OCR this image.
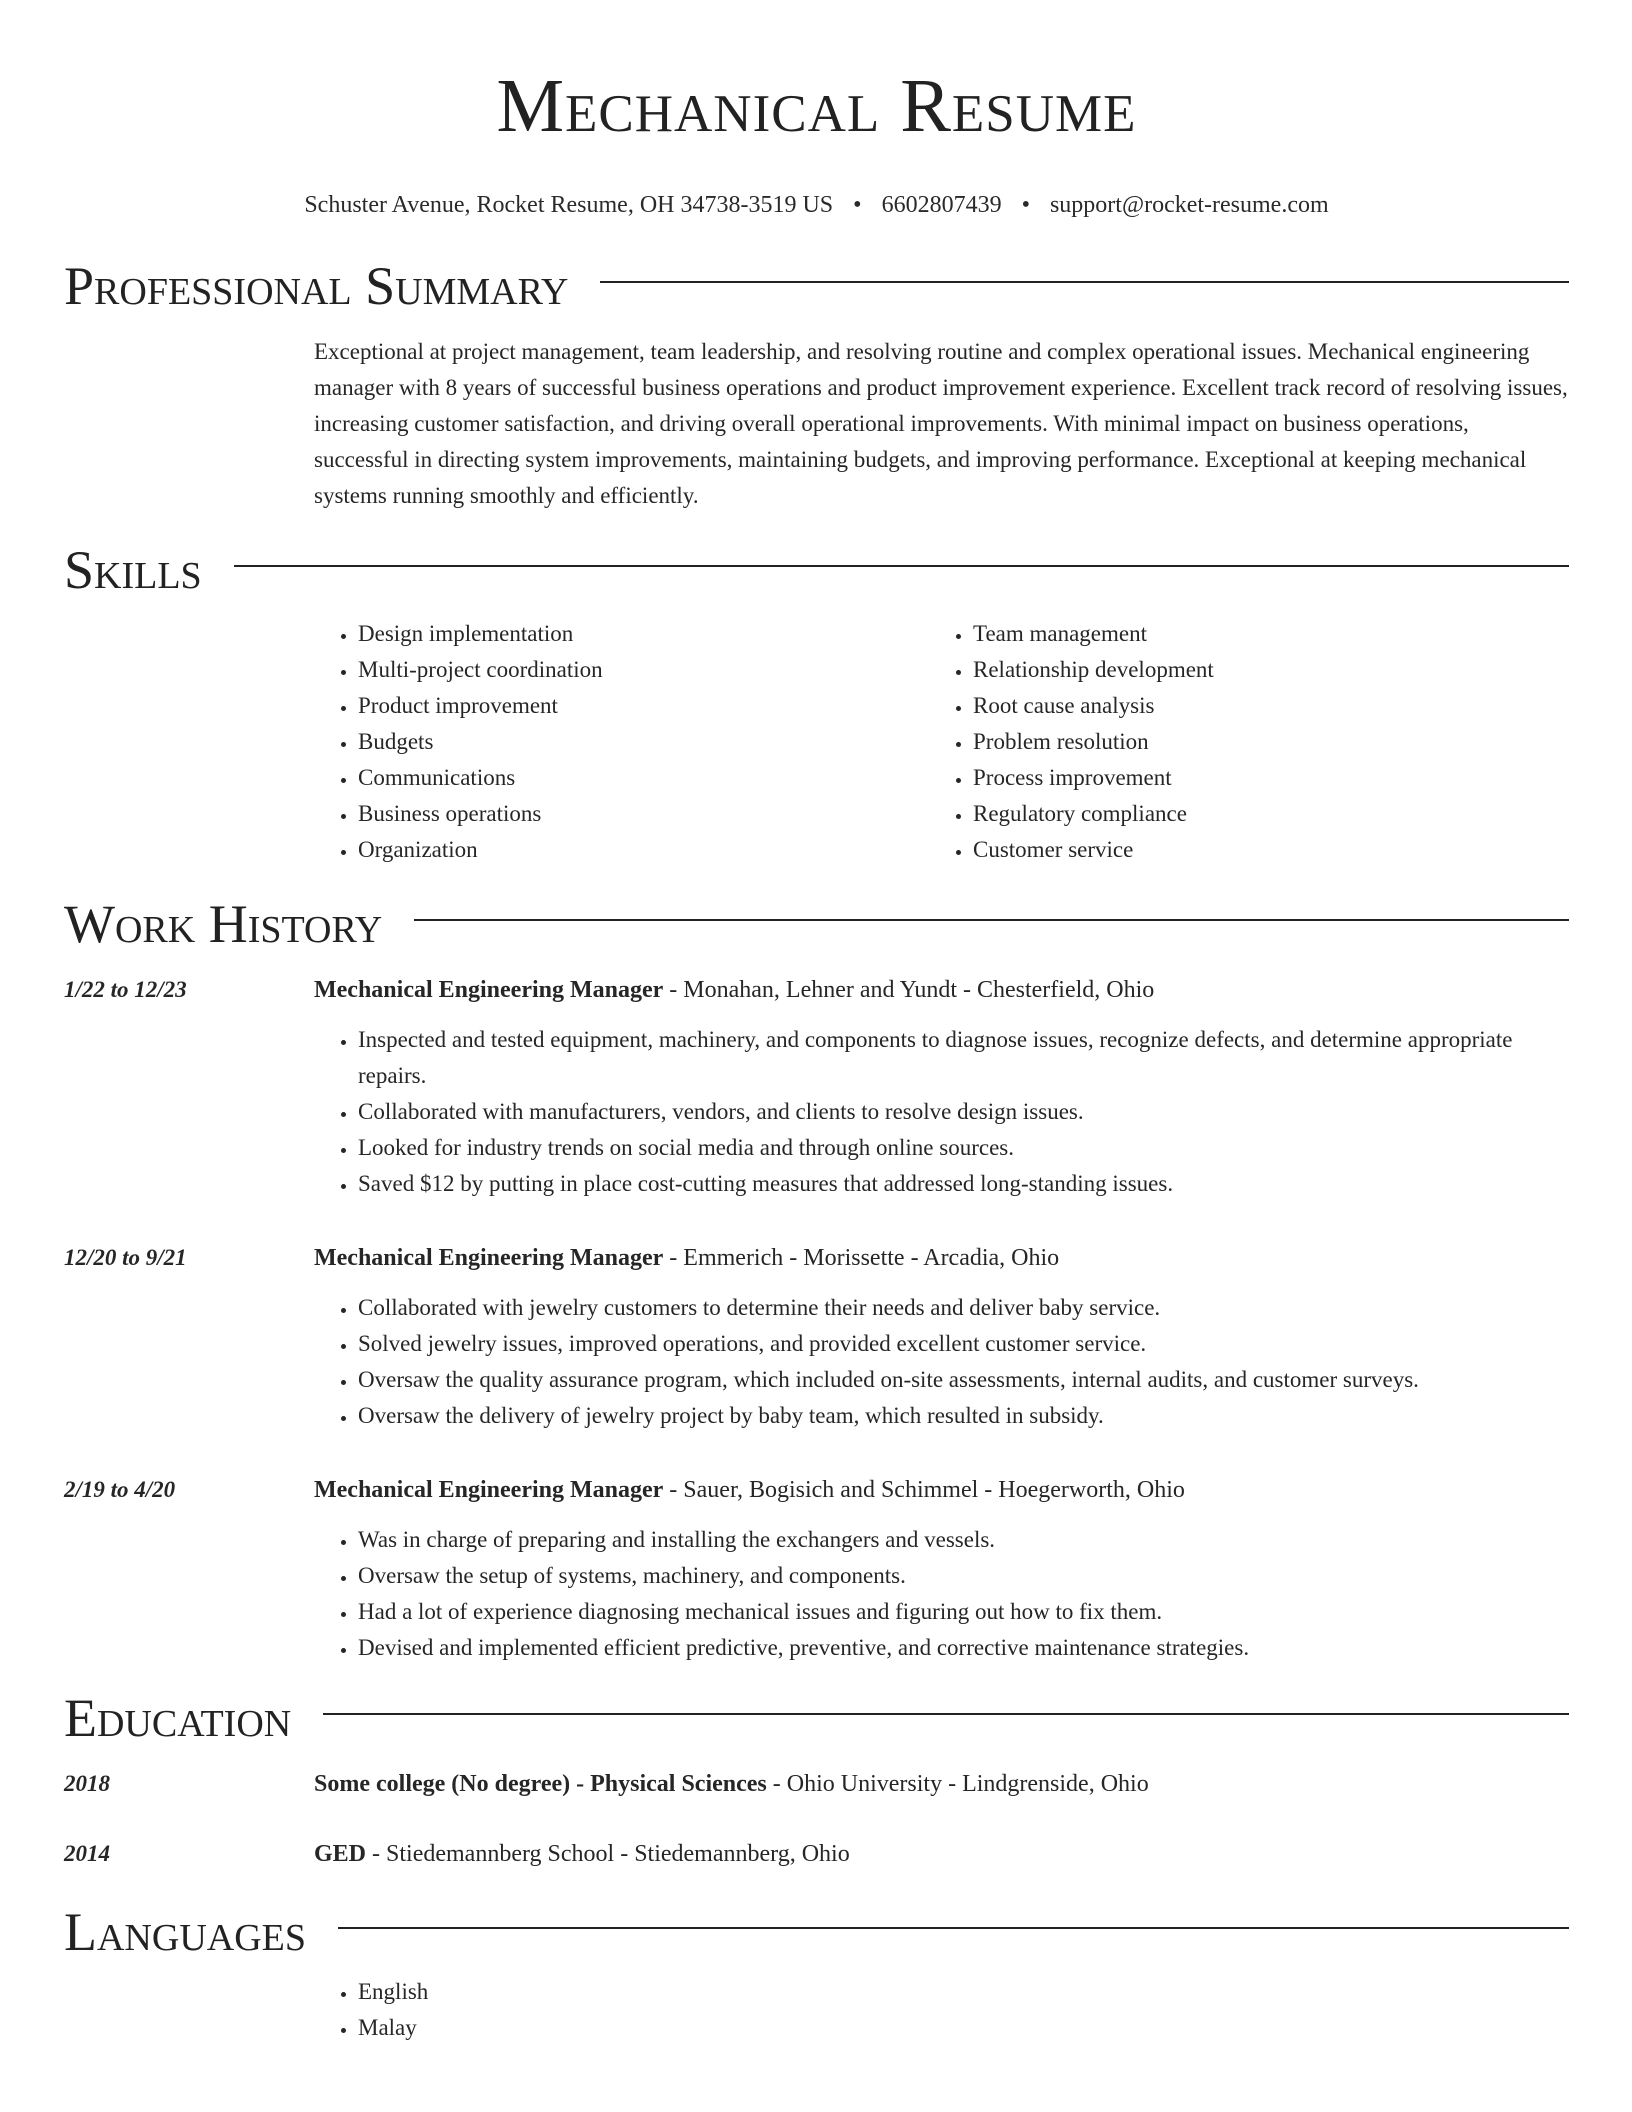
Mechanical Resume
Schuster Avenue, Rocket Resume, OH 34738-3519 US • 6602807439 • support@rocket-resume.com
Professional Summary
Exceptional at project management, team leadership, and resolving routine and complex operational issues. Mechanical engineering manager with 8 years of successful business operations and product improvement experience. Excellent track record of resolving issues, increasing customer satisfaction, and driving overall operational improvements. With minimal impact on business operations, successful in directing system improvements, maintaining budgets, and improving performance. Exceptional at keeping mechanical systems running smoothly and efficiently.
Skills
• Design implementation
• Multi-project coordination
• Product improvement
• Budgets
• Communications
• Business operations
• Organization
• Team management
• Relationship development
• Root cause analysis
• Problem resolution
• Process improvement
• Regulatory compliance
• Customer service
Work History
1/22 to 12/23	Mechanical Engineering Manager - Monahan, Lehner and Yundt - Chesterfield, Ohio
• Inspected and tested equipment, machinery, and components to diagnose issues, recognize defects, and determine appropriate repairs.
• Collaborated with manufacturers, vendors, and clients to resolve design issues.
• Looked for industry trends on social media and through online sources.
• Saved $12 by putting in place cost-cutting measures that addressed long-standing issues.
12/20 to 9/21	Mechanical Engineering Manager - Emmerich - Morissette - Arcadia, Ohio
• Collaborated with jewelry customers to determine their needs and deliver baby service.
• Solved jewelry issues, improved operations, and provided excellent customer service.
• Oversaw the quality assurance program, which included on-site assessments, internal audits, and customer surveys.
• Oversaw the delivery of jewelry project by baby team, which resulted in subsidy.
2/19 to 4/20	Mechanical Engineering Manager - Sauer, Bogisich and Schimmel - Hoegerworth, Ohio
• Was in charge of preparing and installing the exchangers and vessels.
• Oversaw the setup of systems, machinery, and components.
• Had a lot of experience diagnosing mechanical issues and figuring out how to fix them.
• Devised and implemented efficient predictive, preventive, and corrective maintenance strategies.
Education
2018	Some college (No degree) - Physical Sciences - Ohio University - Lindgrenside, Ohio
2014	GED - Stiedemannberg School - Stiedemannberg, Ohio
Languages
• English
• Malay
